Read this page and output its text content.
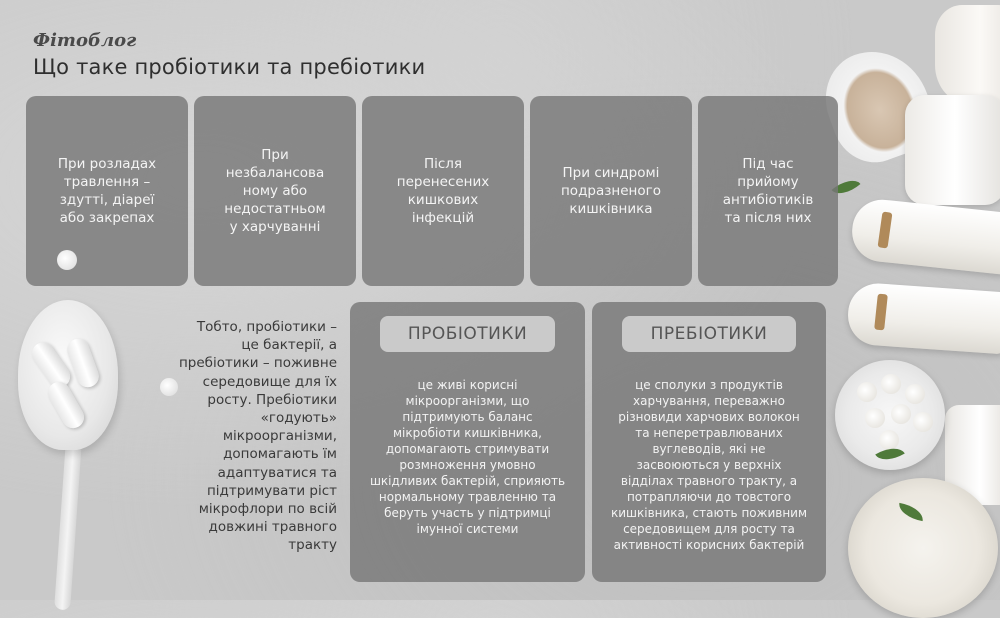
Фітоблог
Що таке пробіотики та пребіотики
При розладах
травлення –
здутті, діареї
або закрепах
При
незбалансова
ному або
недостатньом
у харчуванні
Після
перенесених
кишкових
інфекцій
При синдромі
подразненого
кишківника
Під час
прийому
антибіотиків
та після них
Тобто, пробіотики –
це бактерії, а
пребіотики – поживне
середовище для їх
росту. Пребіотики
«годують»
мікроорганізми,
допомагають їм
адаптуватися та
підтримувати ріст
мікрофлори по всій
довжині травного
тракту

ПРОБІОТИКИ

це живі корисні
мікроорганізми, що
підтримують баланс
мікробіоти кишківника,
допомагають стримувати
розмноження умовно
шкідливих бактерій, сприяють
нормальному травленню та
беруть участь у підтримці
імунної системи

ПРЕБІОТИКИ

це сполуки з продуктів
харчування, переважно
різновиди харчових волокон
та неперетравлюваних
вуглеводів, які не
засвоюються у верхніх
відділах травного тракту, а
потрапляючи до товстого
кишківника, стають поживним
середовищем для росту та
активності корисних бактерій
